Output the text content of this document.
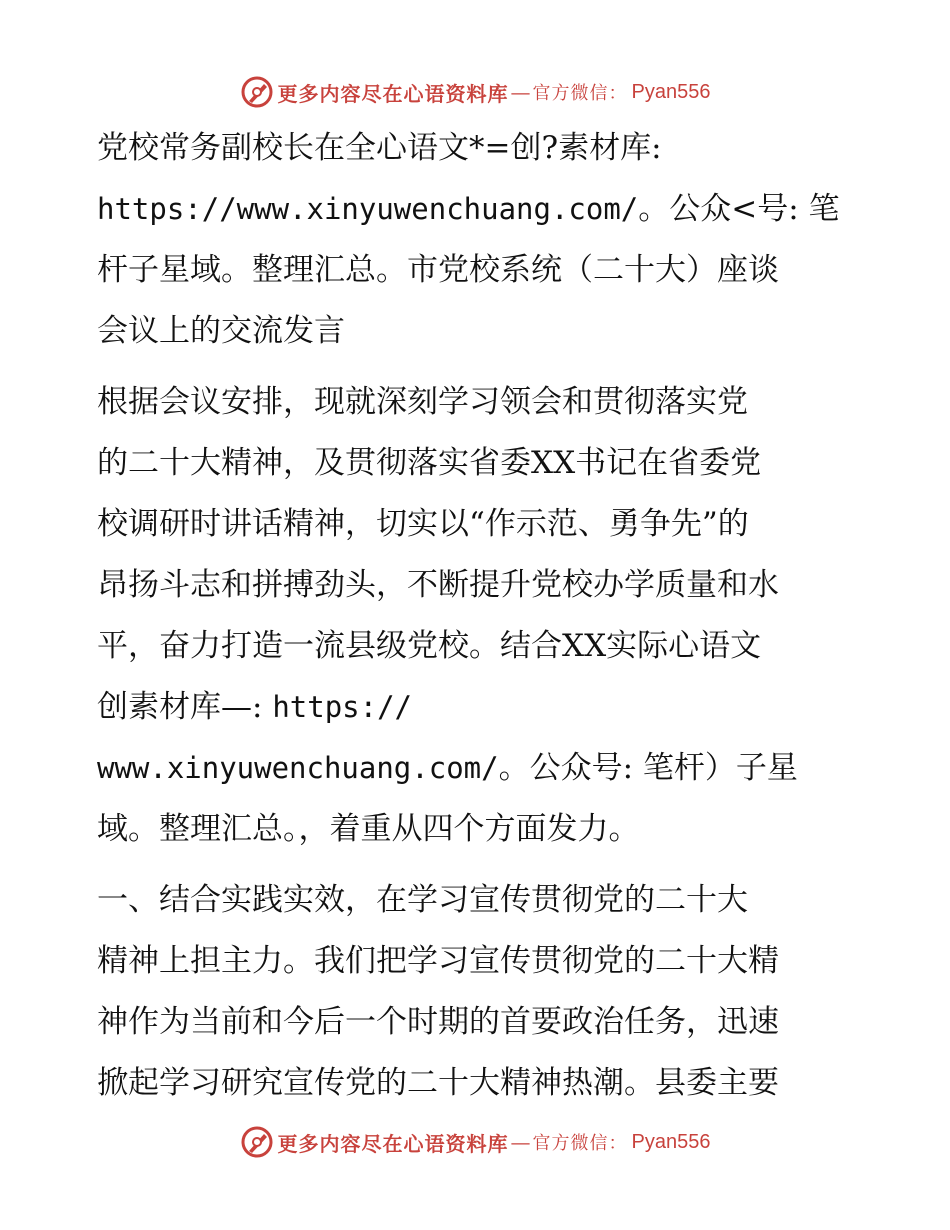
更多内容尽在心语资料库 — 官方微信： Pyan556
党校常务副校长在全心语文*=创?素材库:
https://www.xinyuwenchuang.com/。公众<号: 笔
杆子星域。整理汇总。市党校系统（二十大）座谈
会议上的交流发言
根据会议安排，现就深刻学习领会和贯彻落实党
的二十大精神，及贯彻落实省委XX书记在省委党
校调研时讲话精神，切实以“作示范、勇争先”的
昂扬斗志和拼搏劲头，不断提升党校办学质量和水
平，奋力打造一流县级党校。结合XX实际心语文
创素材库—: https://
www.xinyuwenchuang.com/。公众号: 笔杆）子星
域。整理汇总。，着重从四个方面发力。
一、结合实践实效，在学习宣传贯彻党的二十大
精神上担主力。我们把学习宣传贯彻党的二十大精
神作为当前和今后一个时期的首要政治任务，迅速
掀起学习研究宣传党的二十大精神热潮。县委主要
更多内容尽在心语资料库 — 官方微信： Pyan556
